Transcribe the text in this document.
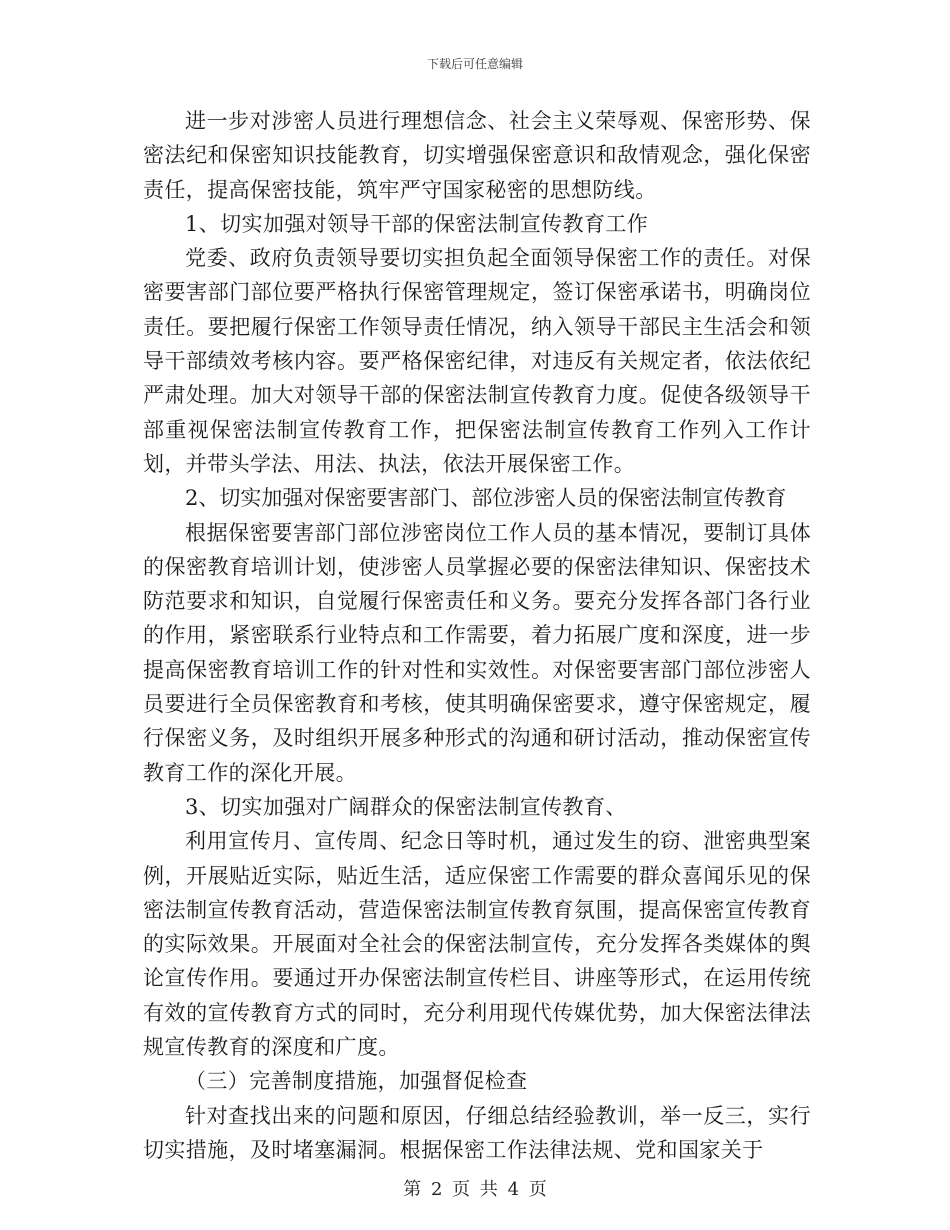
下载后可任意编辑

进一步对涉密人员进行理想信念、社会主义荣辱观、保密形势、保密法纪和保密知识技能教育，切实增强保密意识和敌情观念，强化保密责任，提高保密技能，筑牢严守国家秘密的思想防线。

1、切实加强对领导干部的保密法制宣传教育工作

党委、政府负责领导要切实担负起全面领导保密工作的责任。对保密要害部门部位要严格执行保密管理规定，签订保密承诺书，明确岗位责任。要把履行保密工作领导责任情况，纳入领导干部民主生活会和领导干部绩效考核内容。要严格保密纪律，对违反有关规定者，依法依纪严肃处理。加大对领导干部的保密法制宣传教育力度。促使各级领导干部重视保密法制宣传教育工作，把保密法制宣传教育工作列入工作计划，并带头学法、用法、执法，依法开展保密工作。

2、切实加强对保密要害部门、部位涉密人员的保密法制宣传教育

根据保密要害部门部位涉密岗位工作人员的基本情况，要制订具体的保密教育培训计划，使涉密人员掌握必要的保密法律知识、保密技术防范要求和知识，自觉履行保密责任和义务。要充分发挥各部门各行业的作用，紧密联系行业特点和工作需要，着力拓展广度和深度，进一步提高保密教育培训工作的针对性和实效性。对保密要害部门部位涉密人员要进行全员保密教育和考核，使其明确保密要求，遵守保密规定，履行保密义务，及时组织开展多种形式的沟通和研讨活动，推动保密宣传教育工作的深化开展。

3、切实加强对广阔群众的保密法制宣传教育、

利用宣传月、宣传周、纪念日等时机，通过发生的窃、泄密典型案例，开展贴近实际，贴近生活，适应保密工作需要的群众喜闻乐见的保密法制宣传教育活动，营造保密法制宣传教育氛围，提高保密宣传教育的实际效果。开展面对全社会的保密法制宣传，充分发挥各类媒体的舆论宣传作用。要通过开办保密法制宣传栏目、讲座等形式，在运用传统有效的宣传教育方式的同时，充分利用现代传媒优势，加大保密法律法规宣传教育的深度和广度。

（三）完善制度措施，加强督促检查

针对查找出来的问题和原因，仔细总结经验教训，举一反三，实行切实措施，及时堵塞漏洞。根据保密工作法律法规、党和国家关于

第 2 页 共 4 页
